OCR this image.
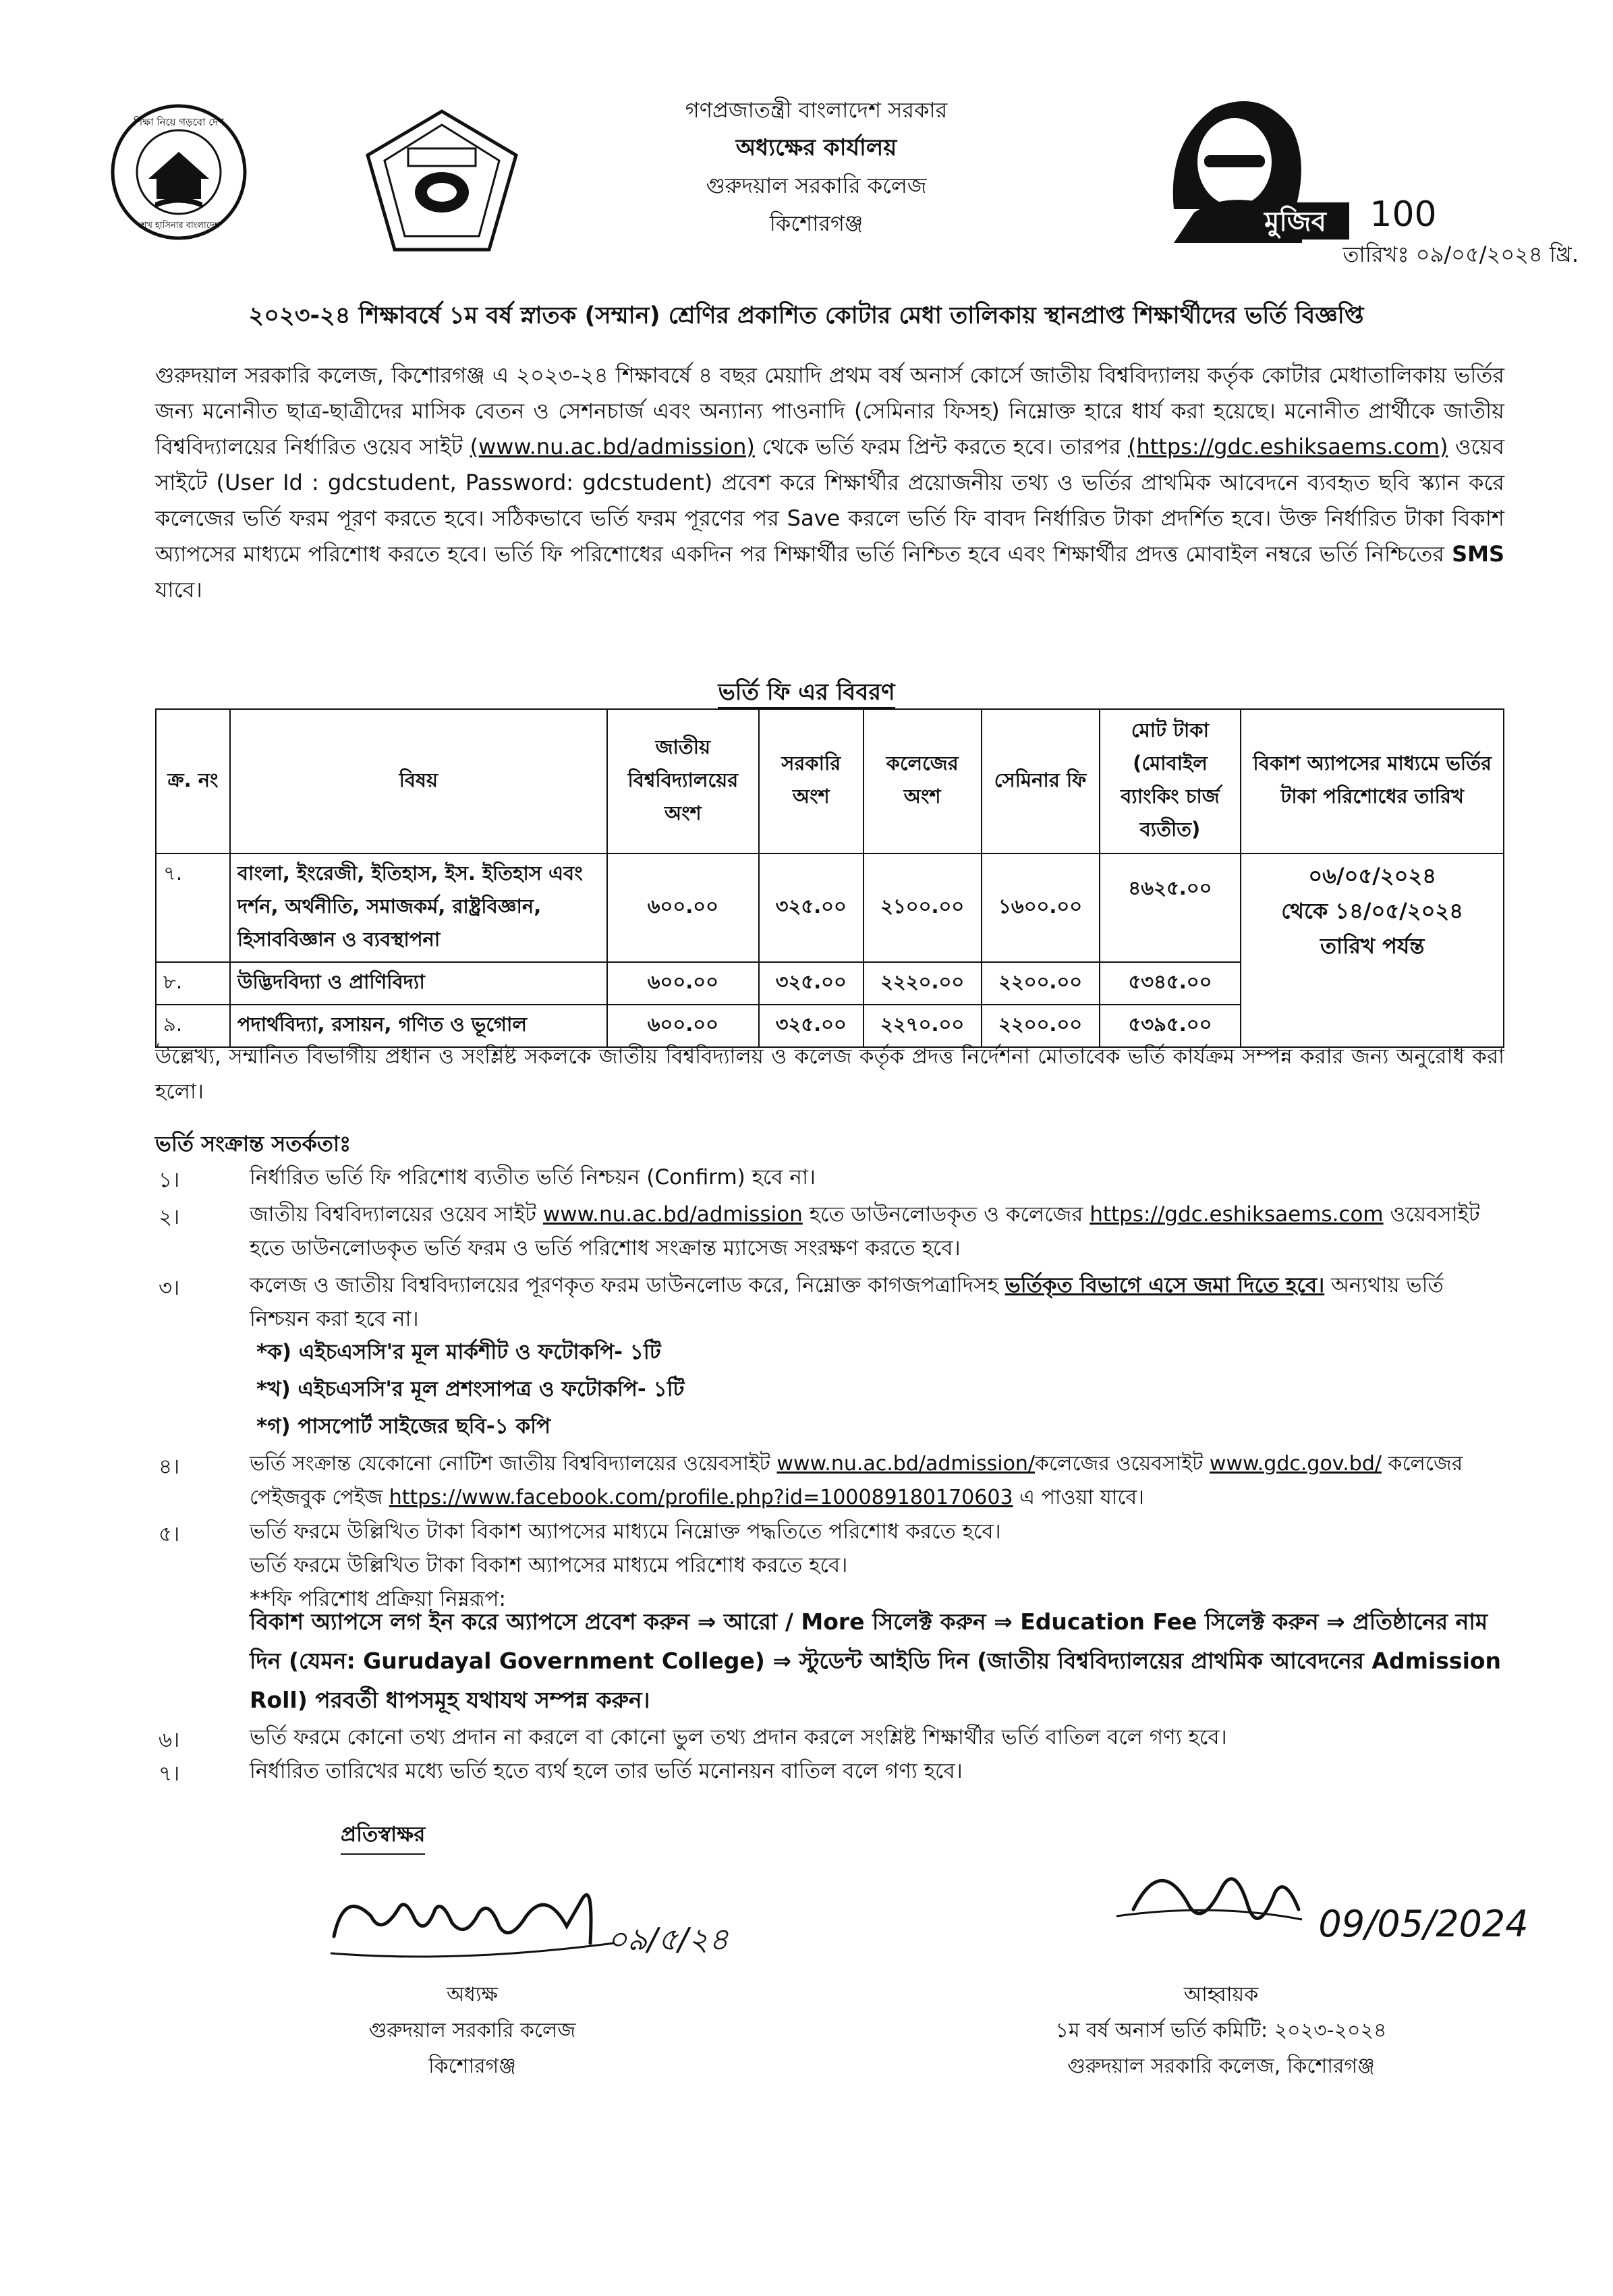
শিক্ষা নিয়ে গড়বো দেশ
শেখ হাসিনার বাংলাদেশ	মুজিব 100
গণপ্রজাতন্ত্রী বাংলাদেশ সরকার
অধ্যক্ষের কার্যালয়
গুরুদয়াল সরকারি কলেজ
কিশোরগঞ্জ
তারিখঃ ০৯/০৫/২০২৪ খ্রি.
২০২৩-২৪ শিক্ষাবর্ষে ১ম বর্ষ স্নাতক (সম্মান) শ্রেণির প্রকাশিত কোটার মেধা তালিকায় স্থানপ্রাপ্ত শিক্ষার্থীদের ভর্তি বিজ্ঞপ্তি
গুরুদয়াল সরকারি কলেজ, কিশোরগঞ্জ এ ২০২৩-২৪ শিক্ষাবর্ষে ৪ বছর মেয়াদি প্রথম বর্ষ অনার্স কোর্সে জাতীয় বিশ্ববিদ্যালয় কর্তৃক কোটার মেধাতালিকায় ভর্তির জন্য মনোনীত ছাত্র-ছাত্রীদের মাসিক বেতন ও সেশনচার্জ এবং অন্যান্য পাওনাদি (সেমিনার ফিসহ) নিম্নোক্ত হারে ধার্য করা হয়েছে। মনোনীত প্রার্থীকে জাতীয় বিশ্ববিদ্যালয়ের নির্ধারিত ওয়েব সাইট (www.nu.ac.bd/admission) থেকে ভর্তি ফরম প্রিন্ট করতে হবে। তারপর (https://gdc.eshiksaems.com) ওয়েব সাইটে (User Id : gdcstudent, Password: gdcstudent) প্রবেশ করে শিক্ষার্থীর প্রয়োজনীয় তথ্য ও ভর্তির প্রাথমিক আবেদনে ব্যবহৃত ছবি স্ক্যান করে কলেজের ভর্তি ফরম পূরণ করতে হবে। সঠিকভাবে ভর্তি ফরম পূরণের পর Save করলে ভর্তি ফি বাবদ নির্ধারিত টাকা প্রদর্শিত হবে। উক্ত নির্ধারিত টাকা বিকাশ অ্যাপসের মাধ্যমে পরিশোধ করতে হবে। ভর্তি ফি পরিশোধের একদিন পর শিক্ষার্থীর ভর্তি নিশ্চিত হবে এবং শিক্ষার্থীর প্রদত্ত মোবাইল নম্বরে ভর্তি নিশ্চিতের SMS যাবে।
ভর্তি ফি এর বিবরণ
ক্র. নং	বিষয়	জাতীয় বিশ্ববিদ্যালয়ের অংশ	সরকারি অংশ	কলেজের অংশ	সেমিনার ফি	মোট টাকা (মোবাইল ব্যাংকিং চার্জ ব্যতীত)	বিকাশ অ্যাপসের মাধ্যমে ভর্তির টাকা পরিশোধের তারিখ
৭.	বাংলা, ইংরেজী, ইতিহাস, ইস. ইতিহাস এবং দর্শন, অর্থনীতি, সমাজকর্ম, রাষ্ট্রবিজ্ঞান, হিসাববিজ্ঞান ও ব্যবস্থাপনা	৬০০.০০	৩২৫.০০	২১০০.০০	১৬০০.০০	৪৬২৫.০০	০৬/০৫/২০২৪
থেকে ১৪/০৫/২০২৪
তারিখ পর্যন্ত

৮.	উদ্ভিদবিদ্যা ও প্রাণিবিদ্যা	৬০০.০০	৩২৫.০০	২২২০.০০	২২০০.০০	৫৩৪৫.০০	
৯.	পদার্থবিদ্যা, রসায়ন, গণিত ও ভূগোল	৬০০.০০	৩২৫.০০	২২৭০.০০	২২০০.০০	৫৩৯৫.০০	
উল্লেখ্য, সম্মানিত বিভাগীয় প্রধান ও সংশ্লিষ্ট সকলকে জাতীয় বিশ্ববিদ্যালয় ও কলেজ কর্তৃক প্রদত্ত নির্দেশনা মোতাবেক ভর্তি কার্যক্রম সম্পন্ন করার জন্য অনুরোধ করা হলো।
ভর্তি সংক্রান্ত সতর্কতাঃ
১।	নির্ধারিত ভর্তি ফি পরিশোধ ব্যতীত ভর্তি নিশ্চয়ন (Confirm) হবে না।
২।	জাতীয় বিশ্ববিদ্যালয়ের ওয়েব সাইট www.nu.ac.bd/admission হতে ডাউনলোডকৃত ও কলেজের https://gdc.eshiksaems.com ওয়েবসাইট হতে ডাউনলোডকৃত ভর্তি ফরম ও ভর্তি পরিশোধ সংক্রান্ত ম্যাসেজ সংরক্ষণ করতে হবে।
৩।	কলেজ ও জাতীয় বিশ্ববিদ্যালয়ের পূরণকৃত ফরম ডাউনলোড করে, নিম্নোক্ত কাগজপত্রাদিসহ ভর্তিকৃত বিভাগে এসে জমা দিতে হবে। অন্যথায় ভর্তি নিশ্চয়ন করা হবে না।
*ক) এইচএসসি'র মূল মার্কশীট ও ফটোকপি- ১টি
*খ) এইচএসসি'র মূল প্রশংসাপত্র ও ফটোকপি- ১টি
*গ) পাসপোর্ট সাইজের ছবি-১ কপি
৪।	ভর্তি সংক্রান্ত যেকোনো নোটিশ জাতীয় বিশ্ববিদ্যালয়ের ওয়েবসাইট www.nu.ac.bd/admission/কলেজের ওয়েবসাইট www.gdc.gov.bd/ কলেজের পেইজবুক পেইজ https://www.facebook.com/profile.php?id=100089180170603 এ পাওয়া যাবে।
৫।	ভর্তি ফরমে উল্লিখিত টাকা বিকাশ অ্যাপসের মাধ্যমে নিম্নোক্ত পদ্ধতিতে পরিশোধ করতে হবে।
ভর্তি ফরমে উল্লিখিত টাকা বিকাশ অ্যাপসের মাধ্যমে পরিশোধ করতে হবে।
**ফি পরিশোধ প্রক্রিয়া নিম্নরূপ:
বিকাশ অ্যাপসে লগ ইন করে অ্যাপসে প্রবেশ করুন ⇒ আরো / More সিলেক্ট করুন ⇒ Education Fee সিলেক্ট করুন ⇒ প্রতিষ্ঠানের নাম দিন (যেমন: Gurudayal Government College) ⇒ স্টুডেন্ট আইডি দিন (জাতীয় বিশ্ববিদ্যালয়ের প্রাথমিক আবেদনের Admission Roll) পরবর্তী ধাপসমূহ যথাযথ সম্পন্ন করুন।
৬।	ভর্তি ফরমে কোনো তথ্য প্রদান না করলে বা কোনো ভুল তথ্য প্রদান করলে সংশ্লিষ্ট শিক্ষার্থীর ভর্তি বাতিল বলে গণ্য হবে।
৭।	নির্ধারিত তারিখের মধ্যে ভর্তি হতে ব্যর্থ হলে তার ভর্তি মনোনয়ন বাতিল বলে গণ্য হবে।
প্রতিস্বাক্ষর
০৯/৫/২৪	09/05/2024
অধ্যক্ষ
গুরুদয়াল সরকারি কলেজ
কিশোরগঞ্জ
আহ্বায়ক
১ম বর্ষ অনার্স ভর্তি কমিটি: ২০২৩-২০২৪
গুরুদয়াল সরকারি কলেজ, কিশোরগঞ্জ
